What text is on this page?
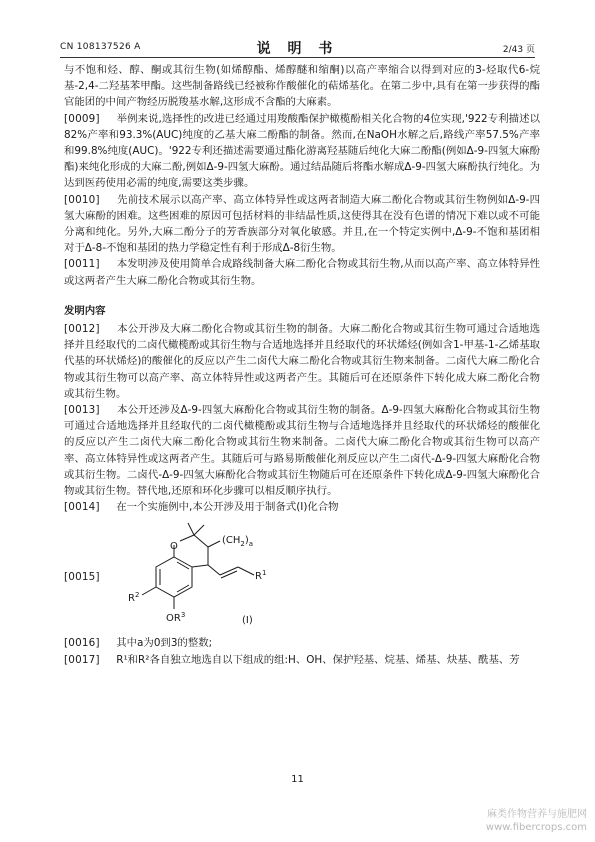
CN 108137526 A	说 明 书	2/43 页

与不饱和烃、醇、酮或其衍生物(如烯醇酯、烯醇醚和缩酮)以高产率缩合以得到对应的3-烃取代6-烷基-2,4-二羟基苯甲酯。这些制备路线已经被称作酸催化的萜烯基化。在第二步中,具有在第一步获得的酯官能团的中间产物经历脱羧基水解,这形成不含酯的大麻素。

[0009] 举例来说,选择性的改进已经通过用羧酸酯保护橄榄酚相关化合物的4位实现,'922专利描述以82%产率和93.3%(AUC)纯度的乙基大麻二酚酯的制备。然而,在NaOH水解之后,路线产率57.5%产率和99.8%纯度(AUC)。'922专利还描述需要通过酯化游离羟基随后纯化大麻二酚酯(例如Δ-9-四氢大麻酚酯)来纯化形成的大麻二酚,例如Δ-9-四氢大麻酚。通过结晶随后将酯水解成Δ-9-四氢大麻酚执行纯化。为达到医药使用必需的纯度,需要这类步骤。

[0010] 先前技术展示以高产率、高立体特异性或这两者制造大麻二酚化合物或其衍生物例如Δ-9-四氢大麻酚的困难。这些困难的原因可包括材料的非结晶性质,这使得其在没有色谱的情况下难以或不可能分离和纯化。另外,大麻二酚分子的芳香族部分对氧化敏感。并且,在一个特定实例中,Δ-9-不饱和基团相对于Δ-8-不饱和基团的热力学稳定性有利于形成Δ-8衍生物。

[0011] 本发明涉及使用简单合成路线制备大麻二酚化合物或其衍生物,从而以高产率、高立体特异性或这两者产生大麻二酚化合物或其衍生物。

发明内容

[0012] 本公开涉及大麻二酚化合物或其衍生物的制备。大麻二酚化合物或其衍生物可通过合适地选择并且经取代的二卤代橄榄酚或其衍生物与合适地选择并且经取代的环状烯烃(例如含1-甲基-1-乙烯基取代基的环状烯烃)的酸催化的反应以产生二卤代大麻二酚化合物或其衍生物来制备。二卤代大麻二酚化合物或其衍生物可以高产率、高立体特异性或这两者产生。其随后可在还原条件下转化成大麻二酚化合物或其衍生物。

[0013] 本公开还涉及Δ-9-四氢大麻酚化合物或其衍生物的制备。Δ-9-四氢大麻酚化合物或其衍生物可通过合适地选择并且经取代的二卤代橄榄酚或其衍生物与合适地选择并且经取代的环状烯烃的酸催化的反应以产生二卤代大麻二酚化合物或其衍生物来制备。二卤代大麻二酚化合物或其衍生物可以高产率、高立体特异性或这两者产生。其随后可与路易斯酸催化剂反应以产生二卤代-Δ-9-四氢大麻酚化合物或其衍生物。二卤代-Δ-9-四氢大麻酚化合物或其衍生物随后可在还原条件下转化成Δ-9-四氢大麻酚化合物或其衍生物。替代地,还原和环化步骤可以相反顺序执行。

[0014] 在一个实施例中,本公开涉及用于制备式(I)化合物

[0015]
O
$(CH_2)_a$
$R^1$
$R^2$
$OR^3$	(I)

[0016] 其中a为0到3的整数;

[0017] R¹和R²各自独立地选自以下组成的组:H、OH、保护羟基、烷基、烯基、炔基、酰基、芳

11
麻类作物营养与施肥网
www.fibercrops.com
